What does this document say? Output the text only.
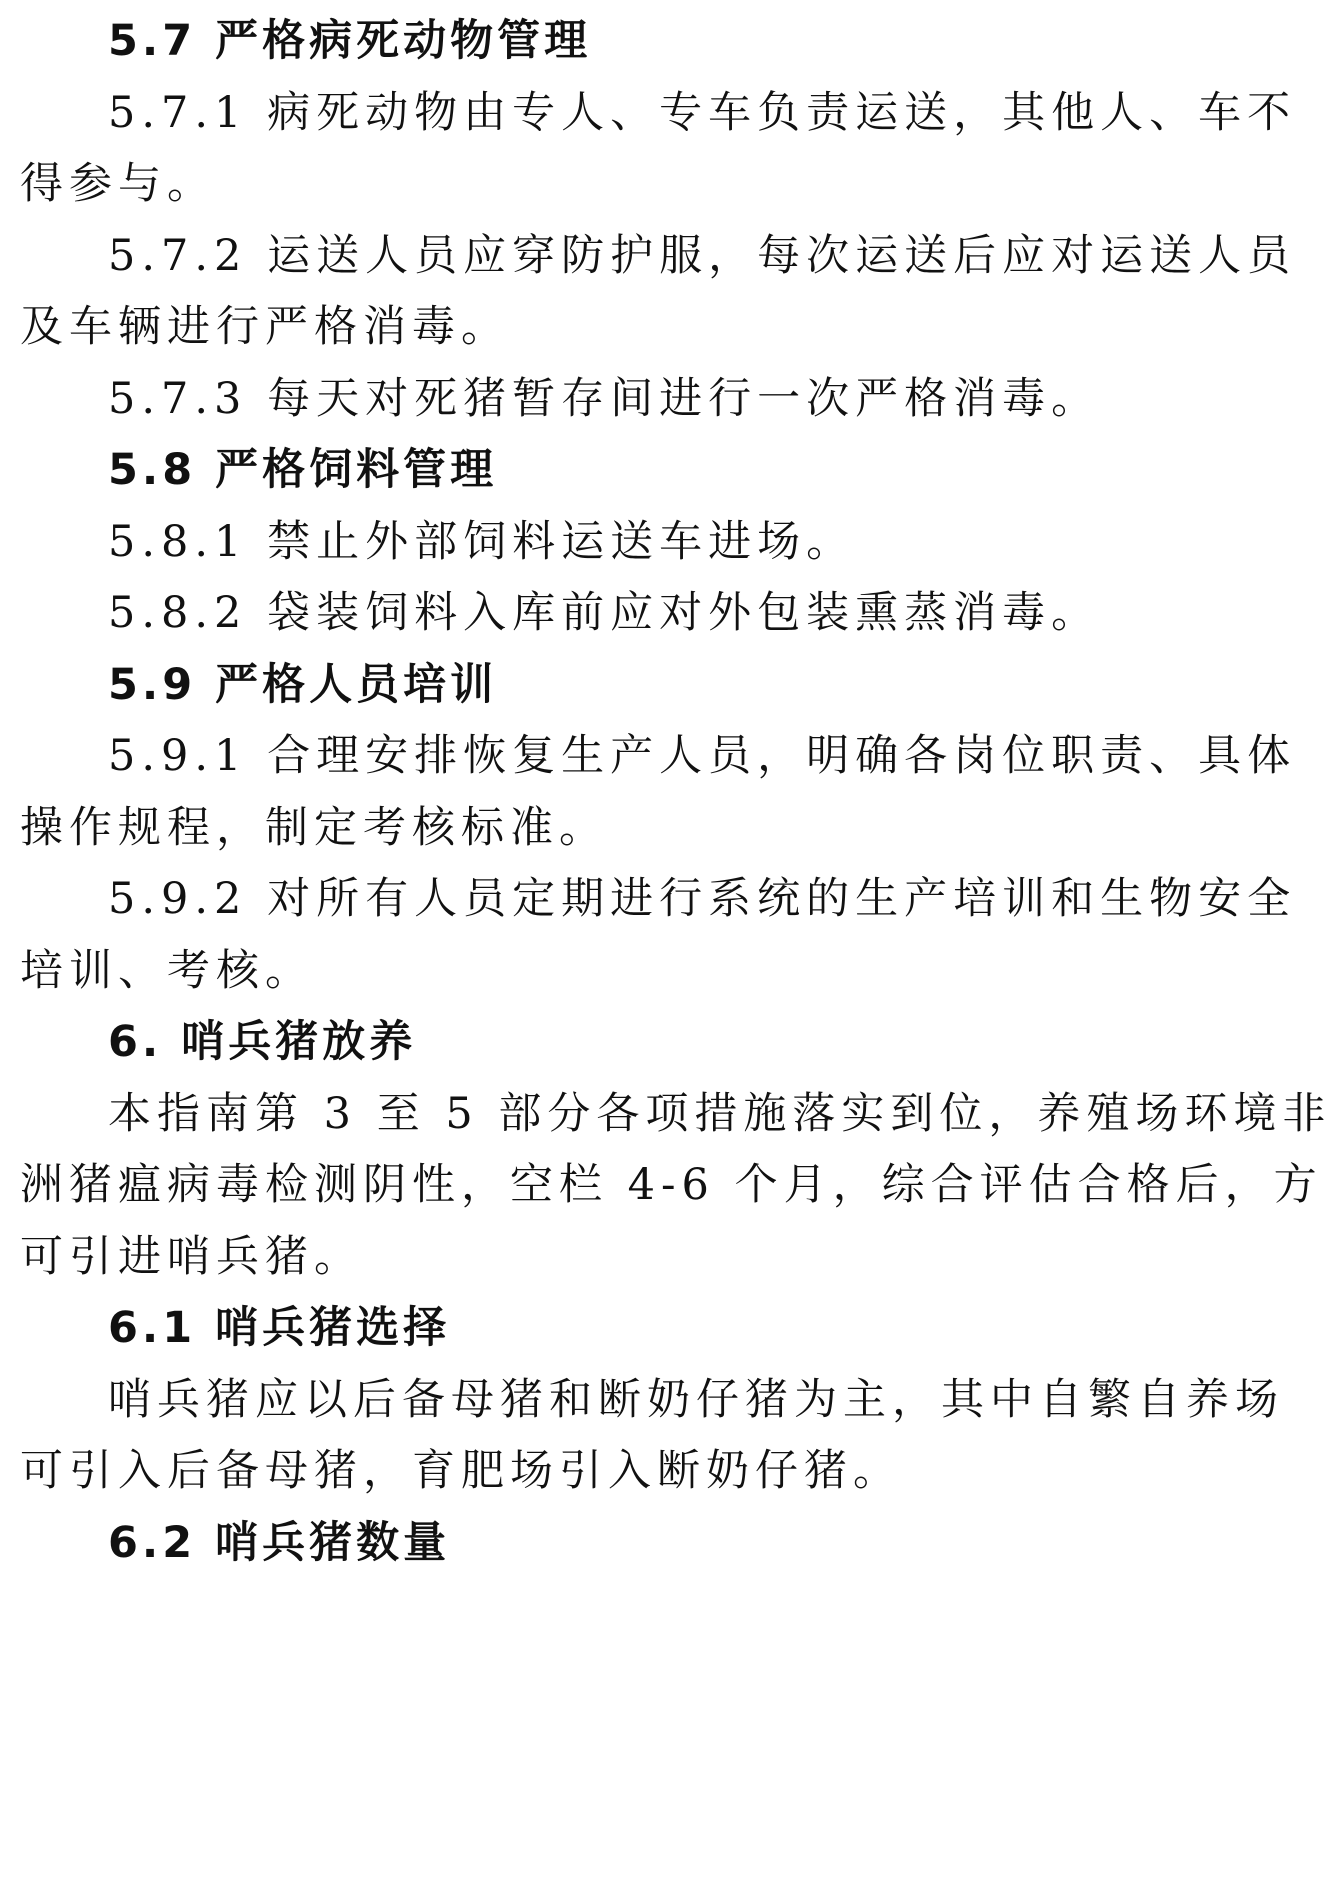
5.7 严格病死动物管理
5.7.1 病死动物由专人、专车负责运送，其他人、车不
得参与。
5.7.2 运送人员应穿防护服，每次运送后应对运送人员
及车辆进行严格消毒。
5.7.3 每天对死猪暂存间进行一次严格消毒。
5.8 严格饲料管理
5.8.1 禁止外部饲料运送车进场。
5.8.2 袋装饲料入库前应对外包装熏蒸消毒。
5.9 严格人员培训
5.9.1 合理安排恢复生产人员，明确各岗位职责、具体
操作规程，制定考核标准。
5.9.2 对所有人员定期进行系统的生产培训和生物安全
培训、考核。
6. 哨兵猪放养
本指南第 3 至 5 部分各项措施落实到位，养殖场环境非
洲猪瘟病毒检测阴性，空栏 4-6 个月，综合评估合格后，方
可引进哨兵猪。
6.1 哨兵猪选择
哨兵猪应以后备母猪和断奶仔猪为主，其中自繁自养场
可引入后备母猪，育肥场引入断奶仔猪。
6.2 哨兵猪数量
